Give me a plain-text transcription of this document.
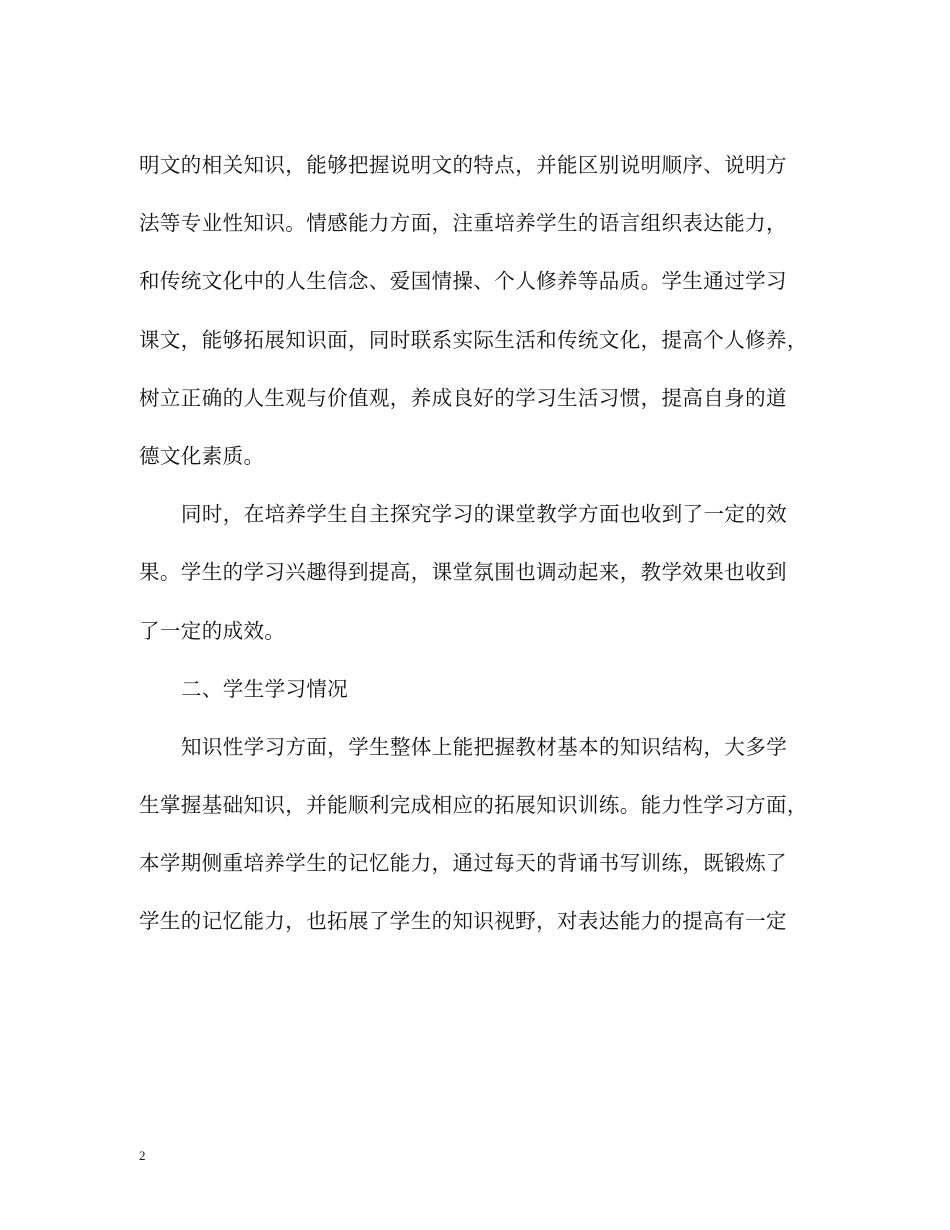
明文的相关知识，能够把握说明文的特点，并能区别说明顺序、说明方
法等专业性知识。情感能力方面，注重培养学生的语言组织表达能力，
和传统文化中的人生信念、爱国情操、个人修养等品质。学生通过学习
课文，能够拓展知识面，同时联系实际生活和传统文化，提高个人修养，
树立正确的人生观与价值观，养成良好的学习生活习惯，提高自身的道
德文化素质。
同时，在培养学生自主探究学习的课堂教学方面也收到了一定的效
果。学生的学习兴趣得到提高，课堂氛围也调动起来，教学效果也收到
了一定的成效。
二、学生学习情况
知识性学习方面，学生整体上能把握教材基本的知识结构，大多学
生掌握基础知识，并能顺利完成相应的拓展知识训练。能力性学习方面，
本学期侧重培养学生的记忆能力，通过每天的背诵书写训练，既锻炼了
学生的记忆能力，也拓展了学生的知识视野，对表达能力的提高有一定
2
